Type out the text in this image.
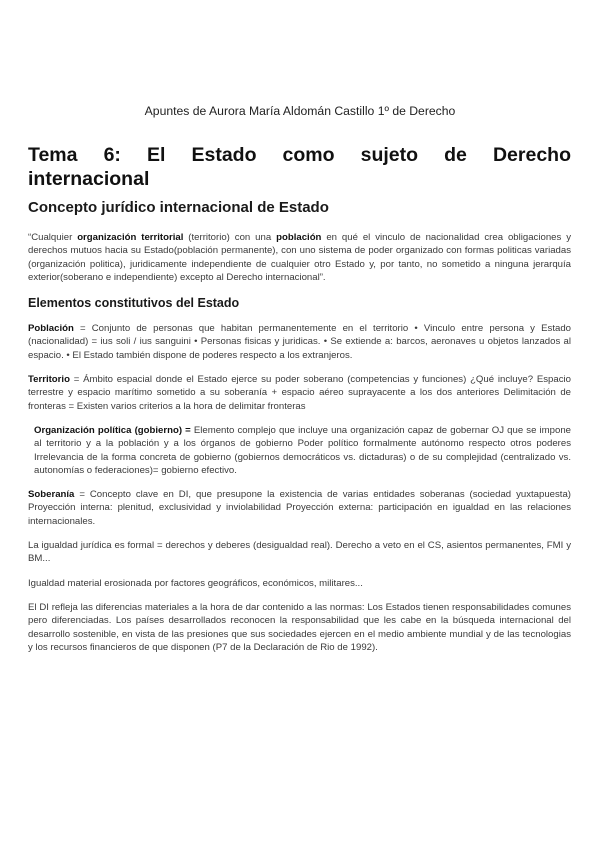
Apuntes de Aurora María Aldomán Castillo 1º de Derecho
Tema 6: El Estado como sujeto de Derecho
internacional
Concepto jurídico internacional de Estado

“Cualquier organización territorial (territorio) con una población en qué el vinculo de nacionalidad crea obligaciones y derechos mutuos hacia su Estado(población permanente), con uno sistema de poder organizado con formas politicas variadas (organización politica), juridicamente independiente de cualquier otro Estado y, por tanto, no sometido a ninguna jerarquía exterior(soberano e independiente) excepto al Derecho internacional”.

Elementos constitutivos del Estado

Población = Conjunto de personas que habitan permanentemente en el territorio • Vinculo entre persona y Estado (nacionalidad) = ius soli / ius sanguini • Personas fisicas y juridicas. • Se extiende a: barcos, aeronaves u objetos lanzados al espacio. • El Estado también dispone de poderes respecto a los extranjeros.

Territorio = Ámbito espacial donde el Estado ejerce su poder soberano (competencias y funciones) ¿Qué incluye? Espacio terrestre y espacio marítimo sometido a su soberanía + espacio aéreo suprayacente a los dos anteriores Delimitación de fronteras = Existen varios criterios a la hora de delimitar fronteras

Organización política (gobierno) = Elemento complejo que incluye una organización capaz de gobernar OJ que se impone al territorio y a la población y a los órganos de gobierno Poder político formalmente autónomo respecto otros poderes Irrelevancia de la forma concreta de gobierno (gobiernos democráticos vs. dictaduras) o de su complejidad (centralizado vs. autonomías o federaciones)= gobierno efectivo.

Soberanía = Concepto clave en DI, que presupone la existencia de varias entidades soberanas (sociedad yuxtapuesta) Proyección interna: plenitud, exclusividad y inviolabilidad Proyección externa: participación en igualdad en las relaciones internacionales.

La igualdad jurídica es formal = derechos y deberes (desigualdad real). Derecho a veto en el CS, asientos permanentes, FMI y BM...

Igualdad material erosionada por factores geográficos, económicos, militares...

El DI refleja las diferencias materiales a la hora de dar contenido a las normas: Los Estados tienen responsabilidades comunes pero diferenciadas. Los países desarrollados reconocen la responsabilidad que les cabe en la búsqueda internacional del desarrollo sostenible, en vista de las presiones que sus sociedades ejercen en el medio ambiente mundial y de las tecnologias y los recursos financieros de que disponen (P7 de la Declaración de Rio de 1992).
